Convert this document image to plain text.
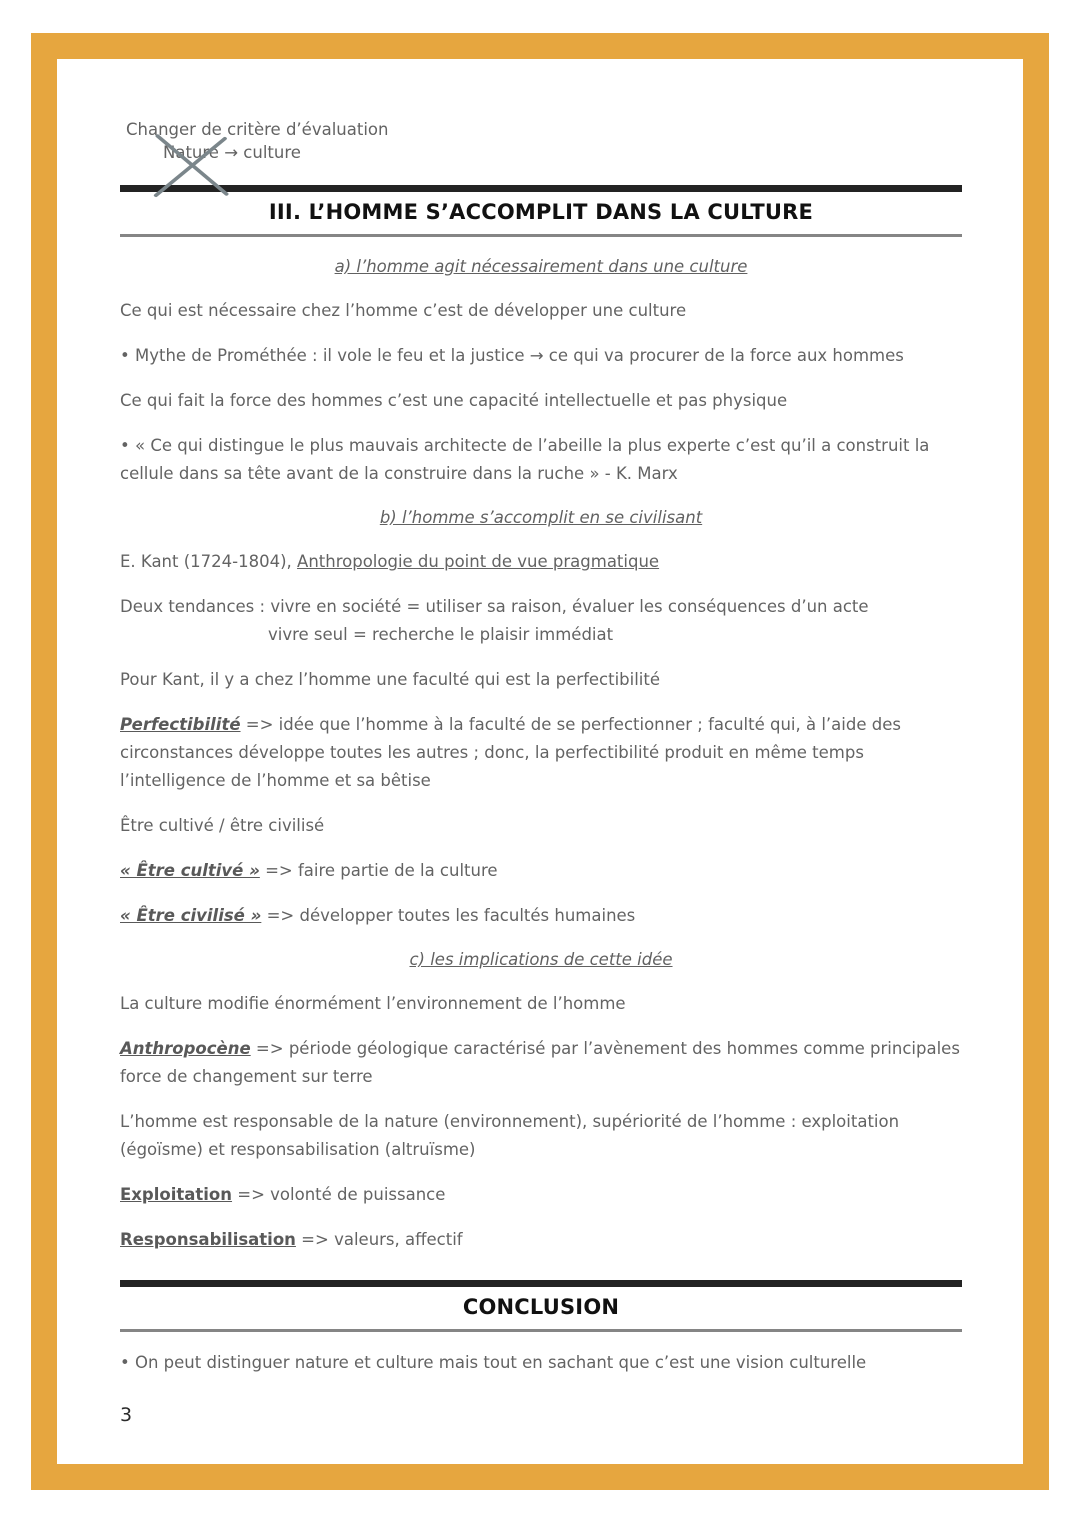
Changer de critère d’évaluation
Nature → culture
III. L’HOMME S’ACCOMPLIT DANS LA CULTURE
a) l’homme agit nécessairement dans une culture

Ce qui est nécessaire chez l’homme c’est de développer une culture

• Mythe de Prométhée : il vole le feu et la justice → ce qui va procurer de la force aux hommes

Ce qui fait la force des hommes c’est une capacité intellectuelle et pas physique

• « Ce qui distingue le plus mauvais architecte de l’abeille la plus experte c’est qu’il a construit la cellule dans sa tête avant de la construire dans la ruche » - K. Marx

b) l’homme s’accomplit en se civilisant

E. Kant (1724-1804), Anthropologie du point de vue pragmatique

Deux tendances : vivre en société = utiliser sa raison, évaluer les conséquences d’un acte
vivre seul = recherche le plaisir immédiat

Pour Kant, il y a chez l’homme une faculté qui est la perfectibilité

Perfectibilité => idée que l’homme à la faculté de se perfectionner ; faculté qui, à l’aide des circonstances développe toutes les autres ; donc, la perfectibilité produit en même temps l’intelligence de l’homme et sa bêtise

Être cultivé / être civilisé

« Être cultivé » => faire partie de la culture

« Être civilisé » => développer toutes les facultés humaines

c) les implications de cette idée

La culture modifie énormément l’environnement de l’homme

Anthropocène => période géologique caractérisé par l’avènement des hommes comme principales force de changement sur terre

L’homme est responsable de la nature (environnement), supériorité de l’homme : exploitation (égoïsme) et responsabilisation (altruïsme)

Exploitation => volonté de puissance

Responsabilisation => valeurs, affectif

CONCLUSION

• On peut distinguer nature et culture mais tout en sachant que c’est une vision culturelle

3
